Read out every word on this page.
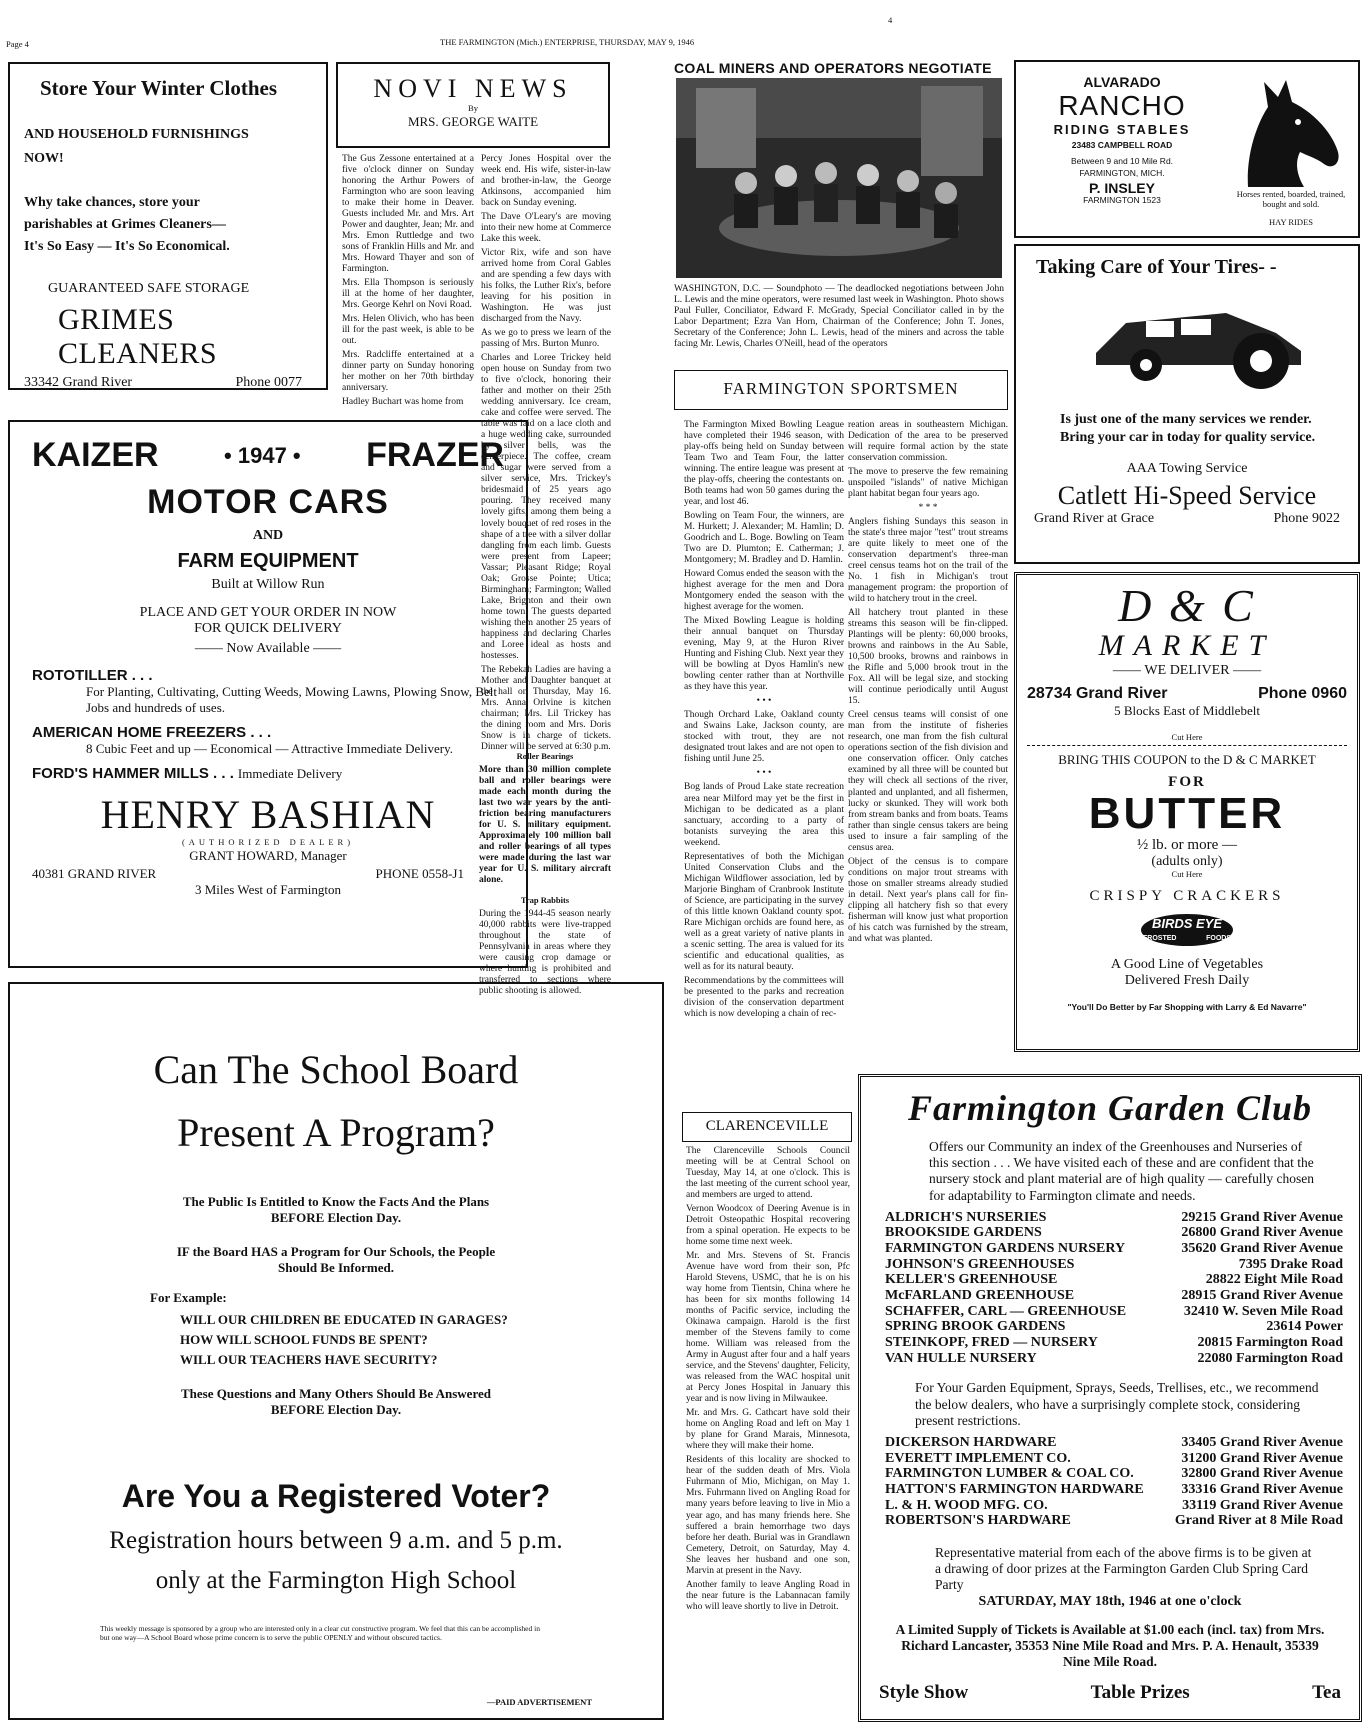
Page 4	THE FARMINGTON (Mich.) ENTERPRISE, THURSDAY, MAY 9, 1946
4
Store Your Winter Clothes
AND HOUSEHOLD FURNISHINGS
NOW!
Why take chances, store your
parishables at Grimes Cleaners—
It's So Easy — It's So Economical.
GUARANTEED SAFE STORAGE
GRIMES CLEANERS
33342 Grand River	Phone 0077
NOVI NEWS
By
MRS. GEORGE WAITE

The Gus Zessone entertained at a five o'clock dinner on Sunday honoring the Arthur Powers of Farmington who are soon leaving to make their home in Deaver. Guests included Mr. and Mrs. Art Power and daughter, Jean; Mr. and Mrs. Emon Ruttledge and two sons of Franklin Hills and Mr. and Mrs. Howard Thayer and son of Farmington.

Mrs. Ella Thompson is seriously ill at the home of her daughter, Mrs. George Kehrl on Novi Road.

Mrs. Helen Olivich, who has been ill for the past week, is able to be out.

Mrs. Radcliffe entertained at a dinner party on Sunday honoring her mother on her 70th birthday anniversary.

Hadley Buchart was home from

Percy Jones Hospital over the week end. His wife, sister-in-law and brother-in-law, the George Atkinsons, accompanied him back on Sunday evening.

The Dave O'Leary's are moving into their new home at Commerce Lake this week.

Victor Rix, wife and son have arrived home from Coral Gables and are spending a few days with his folks, the Luther Rix's, before leaving for his position in Washington. He was just discharged from the Navy.

As we go to press we learn of the passing of Mrs. Burton Munro.

Charles and Loree Trickey held open house on Sunday from two to five o'clock, honoring their father and mother on their 25th wedding anniversary. Ice cream, cake and coffee were served. The table was laid on a lace cloth and a huge wedding cake, surrounded by silver bells, was the centerpiece. The coffee, cream and sugar were served from a silver service, Mrs. Trickey's bridesmaid of 25 years ago pouring. They received many lovely gifts, among them being a lovely bouquet of red roses in the shape of a tree with a silver dollar dangling from each limb. Guests were present from Lapeer; Vassar; Pleasant Ridge; Royal Oak; Grosse Pointe; Utica; Birmingham; Farmington; Walled Lake, Brighton and their own home town. The guests departed wishing them another 25 years of happiness and declaring Charles and Loree ideal as hosts and hostesses.

The Rebekah Ladies are having a Mother and Daughter banquet at the hall on Thursday, May 16. Mrs. Anna Orlvine is kitchen chairman; Mrs. Lil Trickey has the dining room and Mrs. Doris Snow is in charge of tickets. Dinner will be served at 6:30 p.m.

Roller Bearings
More than 30 million complete ball and roller bearings were made each month during the last two war years by the anti-friction bearing manufacturers for U. S. military equipment. Approximately 100 million ball and roller bearings of all types were made during the last war year for U. S. military aircraft alone.
Trap Rabbits
During the 1944-45 season nearly 40,000 rabbits were live-trapped throughout the state of Pennsylvania in areas where they were causing crop damage or where hunting is prohibited and transferred to sections where public shooting is allowed.
COAL MINERS AND OPERATORS NEGOTIATE
WASHINGTON, D.C. — Soundphoto — The deadlocked negotiations between John L. Lewis and the mine operators, were resumed last week in Washington. Photo shows Paul Fuller, Conciliator, Edward F. McGrady, Special Conciliator called in by the Labor Department; Ezra Van Horn, Chairman of the Conference; John T. Jones, Secretary of the Conference; John L. Lewis, head of the miners and across the table facing Mr. Lewis, Charles O'Neill, head of the operators
ALVARADO
RANCHO
RIDING STABLES
23483 CAMPBELL ROAD
Between 9 and 10 Mile Rd.
FARMINGTON, MICH.
P. INSLEY
FARMINGTON 1523
Horses rented, boarded, trained, bought and sold.
HAY RIDES
Taking Care of Your Tires- -
Is just one of the many services we render. Bring your car in today for quality service.
AAA Towing Service
Catlett Hi-Speed Service
Grand River at Grace	Phone 9022
KAIZER	• 1947 • FRAZER
MOTOR CARS
AND
FARM EQUIPMENT
Built at Willow Run
PLACE AND GET YOUR ORDER IN NOW
FOR QUICK DELIVERY
—— Now Available ——
ROTOTILLER . . .
For Planting, Cultivating, Cutting Weeds, Mowing Lawns, Plowing Snow, Belt Jobs and hundreds of uses.
AMERICAN HOME FREEZERS . . .
8 Cubic Feet and up — Economical — Attractive Immediate Delivery.
FORD'S HAMMER MILLS . . . Immediate Delivery
HENRY BASHIAN
(AUTHORIZED DEALER)
GRANT HOWARD, Manager
40381 GRAND RIVER	PHONE 0558-J1
3 Miles West of Farmington
FARMINGTON SPORTSMEN

The Farmington Mixed Bowling League have completed their 1946 season, with play-offs being held on Sunday between Team Two and Team Four, the latter winning. The entire league was present at the play-offs, cheering the contestants on. Both teams had won 50 games during the year, and lost 46.

Bowling on Team Four, the winners, are M. Hurkett; J. Alexander; M. Hamlin; D. Goodrich and L. Boge. Bowling on Team Two are D. Plumton; E. Catherman; J. Montgomery; M. Bradley and D. Hamlin.

Howard Comus ended the season with the highest average for the men and Dora Montgomery ended the season with the highest average for the women.

The Mixed Bowling League is holding their annual banquet on Thursday evening, May 9, at the Huron River Hunting and Fishing Club. Next year they will be bowling at Dyos Hamlin's new bowling center rather than at Northville as they have this year.

• • •

Though Orchard Lake, Oakland county and Swains Lake, Jackson county, are stocked with trout, they are not designated trout lakes and are not open to fishing until June 25.

• • •

Bog lands of Proud Lake state recreation area near Milford may yet be the first in Michigan to be dedicated as a plant sanctuary, according to a party of botanists surveying the area this weekend.

Representatives of both the Michigan United Conservation Clubs and the Michigan Wildflower association, led by Marjorie Bingham of Cranbrook Institute of Science, are participating in the survey of this little known Oakland county spot. Rare Michigan orchids are found here, as well as a great variety of native plants in a scenic setting. The area is valued for its scientific and educational qualities, as well as for its natural beauty.

Recommendations by the committees will be presented to the parks and recreation division of the conservation department which is now developing a chain of rec-

reation areas in southeastern Michigan. Dedication of the area to be preserved will require formal action by the state conservation commission.

The move to preserve the few remaining unspoiled "islands" of native Michigan plant habitat began four years ago.

* * *

Anglers fishing Sundays this season in the state's three major "test" trout streams are quite likely to meet one of the conservation department's three-man creel census teams hot on the trail of the No. 1 fish in Michigan's trout management program: the proportion of wild to hatchery trout in the creel.

All hatchery trout planted in these streams this season will be fin-clipped. Plantings will be plenty: 60,000 brooks, browns and rainbows in the Au Sable, 10,500 brooks, browns and rainbows in the Rifle and 5,000 brook trout in the Fox. All will be legal size, and stocking will continue periodically until August 15.

Creel census teams will consist of one man from the institute of fisheries research, one man from the fish cultural operations section of the fish division and one conservation officer. Only catches examined by all three will be counted but they will check all sections of the river, planted and unplanted, and all fishermen, lucky or skunked. They will work both from stream banks and from boats. Teams rather than single census takers are being used to insure a fair sampling of the census area.

Object of the census is to compare conditions on major trout streams with those on smaller streams already studied in detail. Next year's plans call for fin-clipping all hatchery fish so that every fisherman will know just what proportion of his catch was furnished by the stream, and what was planted.

D & C
MARKET
—— WE DELIVER ——
28734 Grand River	Phone 0960
5 Blocks East of Middlebelt
Cut Here
BRING THIS COUPON to the D & C MARKET
FOR
BUTTER
½ lb. or more —
(adults only)
Cut Here
CRISPY CRACKERS
BIRDS EYE
FROSTED	FOODS
A Good Line of Vegetables
Delivered Fresh Daily
"You'll Do Better by Far Shopping with Larry & Ed Navarre"
Can The School Board
Present A Program?
The Public Is Entitled to Know the Facts And the Plans
BEFORE Election Day.
IF the Board HAS a Program for Our Schools, the People
Should Be Informed.
For Example:
WILL OUR CHILDREN BE EDUCATED IN GARAGES?
HOW WILL SCHOOL FUNDS BE SPENT?
WILL OUR TEACHERS HAVE SECURITY?
These Questions and Many Others Should Be Answered
BEFORE Election Day.
Are You a Registered Voter?
Registration hours between 9 a.m. and 5 p.m.
only at the Farmington High School
This weekly message is sponsored by a group who are interested only in a clear cut constructive program. We feel that this can be accomplished in but one way—A School Board whose prime concern is to serve the public OPENLY and without obscured tactics.
—PAID ADVERTISEMENT
CLARENCEVILLE

The Clarenceville Schools Council meeting will be at Central School on Tuesday, May 14, at one o'clock. This is the last meeting of the current school year, and members are urged to attend.

Vernon Woodcox of Deering Avenue is in Detroit Osteopathic Hospital recovering from a spinal operation. He expects to be home some time next week.

Mr. and Mrs. Stevens of St. Francis Avenue have word from their son, Pfc Harold Stevens, USMC, that he is on his way home from Tientsin, China where he has been for six months following 14 months of Pacific service, including the Okinawa campaign. Harold is the first member of the Stevens family to come home. William was released from the Army in August after four and a half years service, and the Stevens' daughter, Felicity, was released from the WAC hospital unit at Percy Jones Hospital in January this year and is now living in Milwaukee.

Mr. and Mrs. G. Cathcart have sold their home on Angling Road and left on May 1 by plane for Grand Marais, Minnesota, where they will make their home.

Residents of this locality are shocked to hear of the sudden death of Mrs. Viola Fuhrmann of Mio, Michigan, on May 1. Mrs. Fuhrmann lived on Angling Road for many years before leaving to live in Mio a year ago, and has many friends here. She suffered a brain hemorrhage two days before her death. Burial was in Grandlawn Cemetery, Detroit, on Saturday, May 4. She leaves her husband and one son, Marvin at present in the Navy.

Another family to leave Angling Road in the near future is the Labannacan family who will leave shortly to live in Detroit.

Farmington Garden Club
Offers our Community an index of the Greenhouses and Nurseries of this section . . . We have visited each of these and are confident that the nursery stock and plant material are of high quality — carefully chosen for adaptability to Farmington climate and needs.
ALDRICH'S NURSERIES	29215 Grand River Avenue
BROOKSIDE GARDENS	26800 Grand River Avenue
FARMINGTON GARDENS NURSERY	35620 Grand River Avenue
JOHNSON'S GREENHOUSES	7395 Drake Road
KELLER'S GREENHOUSE	28822 Eight Mile Road
McFARLAND GREENHOUSE	28915 Grand River Avenue
SCHAFFER, CARL — GREENHOUSE	32410 W. Seven Mile Road
SPRING BROOK GARDENS	23614 Power
STEINKOPF, FRED — NURSERY	20815 Farmington Road
VAN HULLE NURSERY	22080 Farmington Road
For Your Garden Equipment, Sprays, Seeds, Trellises, etc., we recommend the below dealers, who have a surprisingly complete stock, considering present restrictions.
DICKERSON HARDWARE	33405 Grand River Avenue
EVERETT IMPLEMENT CO.	31200 Grand River Avenue
FARMINGTON LUMBER & COAL CO.	32800 Grand River Avenue
HATTON'S FARMINGTON HARDWARE	33316 Grand River Avenue
L. & H. WOOD MFG. CO.	33119 Grand River Avenue
ROBERTSON'S HARDWARE	Grand River at 8 Mile Road
Representative material from each of the above firms is to be given at a drawing of door prizes at the Farmington Garden Club Spring Card Party
SATURDAY, MAY 18th, 1946 at one o'clock
A Limited Supply of Tickets is Available at $1.00 each (incl. tax) from Mrs. Richard Lancaster, 35353 Nine Mile Road and Mrs. P. A. Henault, 35339 Nine Mile Road.
Style Show	Table Prizes	Tea
